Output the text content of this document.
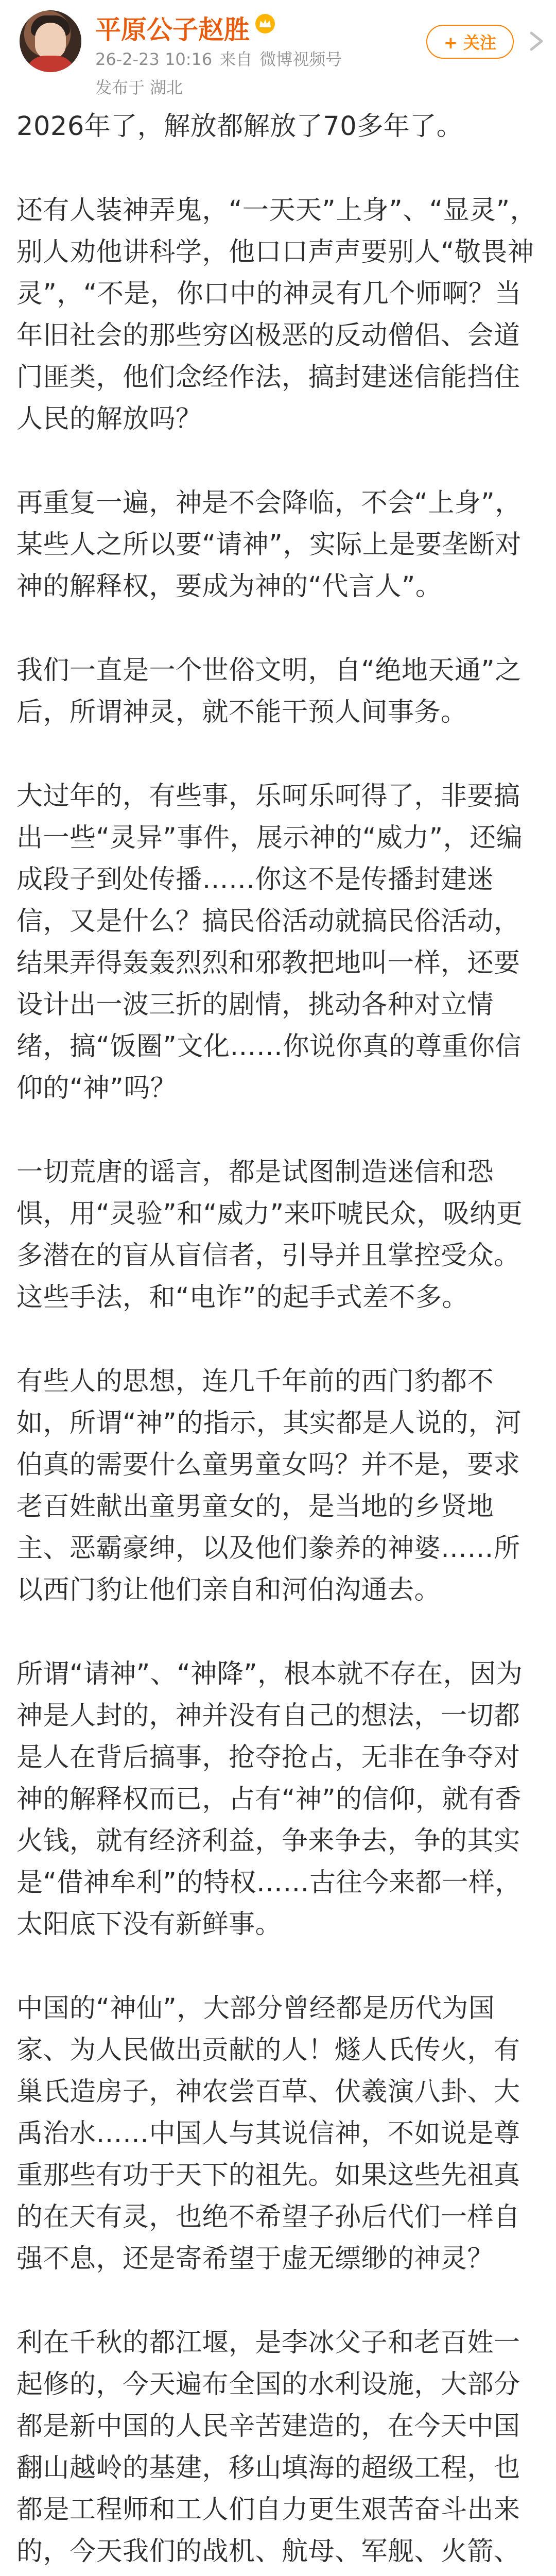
平原公子赵胜
26-2-23 10:16 来自 微博视频号
发布于 湖北
+ 关注

2026年了，解放都解放了70多年了。

还有人装神弄鬼，“一天天”上身”、“显灵”，别人劝他讲科学，他口口声声要别人“敬畏神灵”，“不是，你口中的神灵有几个师啊？当年旧社会的那些穷凶极恶的反动僧侣、会道门匪类，他们念经作法，搞封建迷信能挡住人民的解放吗？

再重复一遍，神是不会降临，不会“上身”，某些人之所以要“请神”，实际上是要垄断对神的解释权，要成为神的“代言人”。

我们一直是一个世俗文明，自“绝地天通”之后，所谓神灵，就不能干预人间事务。

大过年的，有些事，乐呵乐呵得了，非要搞出一些“灵异”事件，展示神的“威力”，还编成段子到处传播……你这不是传播封建迷信，又是什么？搞民俗活动就搞民俗活动，结果弄得轰轰烈烈和邪教把地叫一样，还要设计出一波三折的剧情，挑动各种对立情绪，搞“饭圈”文化……你说你真的尊重你信仰的“神”吗？

一切荒唐的谣言，都是试图制造迷信和恐惧，用“灵验”和“威力”来吓唬民众，吸纳更多潜在的盲从盲信者，引导并且掌控受众。这些手法，和“电诈”的起手式差不多。

有些人的思想，连几千年前的西门豹都不如，所谓“神”的指示，其实都是人说的，河伯真的需要什么童男童女吗？并不是，要求老百姓献出童男童女的，是当地的乡贤地主、恶霸豪绅，以及他们豢养的神婆……所以西门豹让他们亲自和河伯沟通去。

所谓“请神”、“神降”，根本就不存在，因为神是人封的，神并没有自己的想法，一切都是人在背后搞事，抢夺抢占，无非在争夺对神的解释权而已，占有“神”的信仰，就有香火钱，就有经济利益，争来争去，争的其实是“借神牟利”的特权……古往今来都一样，太阳底下没有新鲜事。

中国的“神仙”，大部分曾经都是历代为国家、为人民做出贡献的人！燧人氏传火，有巢氏造房子，神农尝百草、伏羲演八卦、大禹治水……中国人与其说信神，不如说是尊重那些有功于天下的祖先。如果这些先祖真的在天有灵，也绝不希望子孙后代们一样自强不息，还是寄希望于虚无缥缈的神灵？

利在千秋的都江堰，是李冰父子和老百姓一起修的，今天遍布全国的水利设施，大部分都是新中国的人民辛苦建造的，在今天中国翻山越岭的基建，移山填海的超级工程，也都是工程师和工人们自力更生艰苦奋斗出来的，今天我们的战机、航母、军舰、火箭、
